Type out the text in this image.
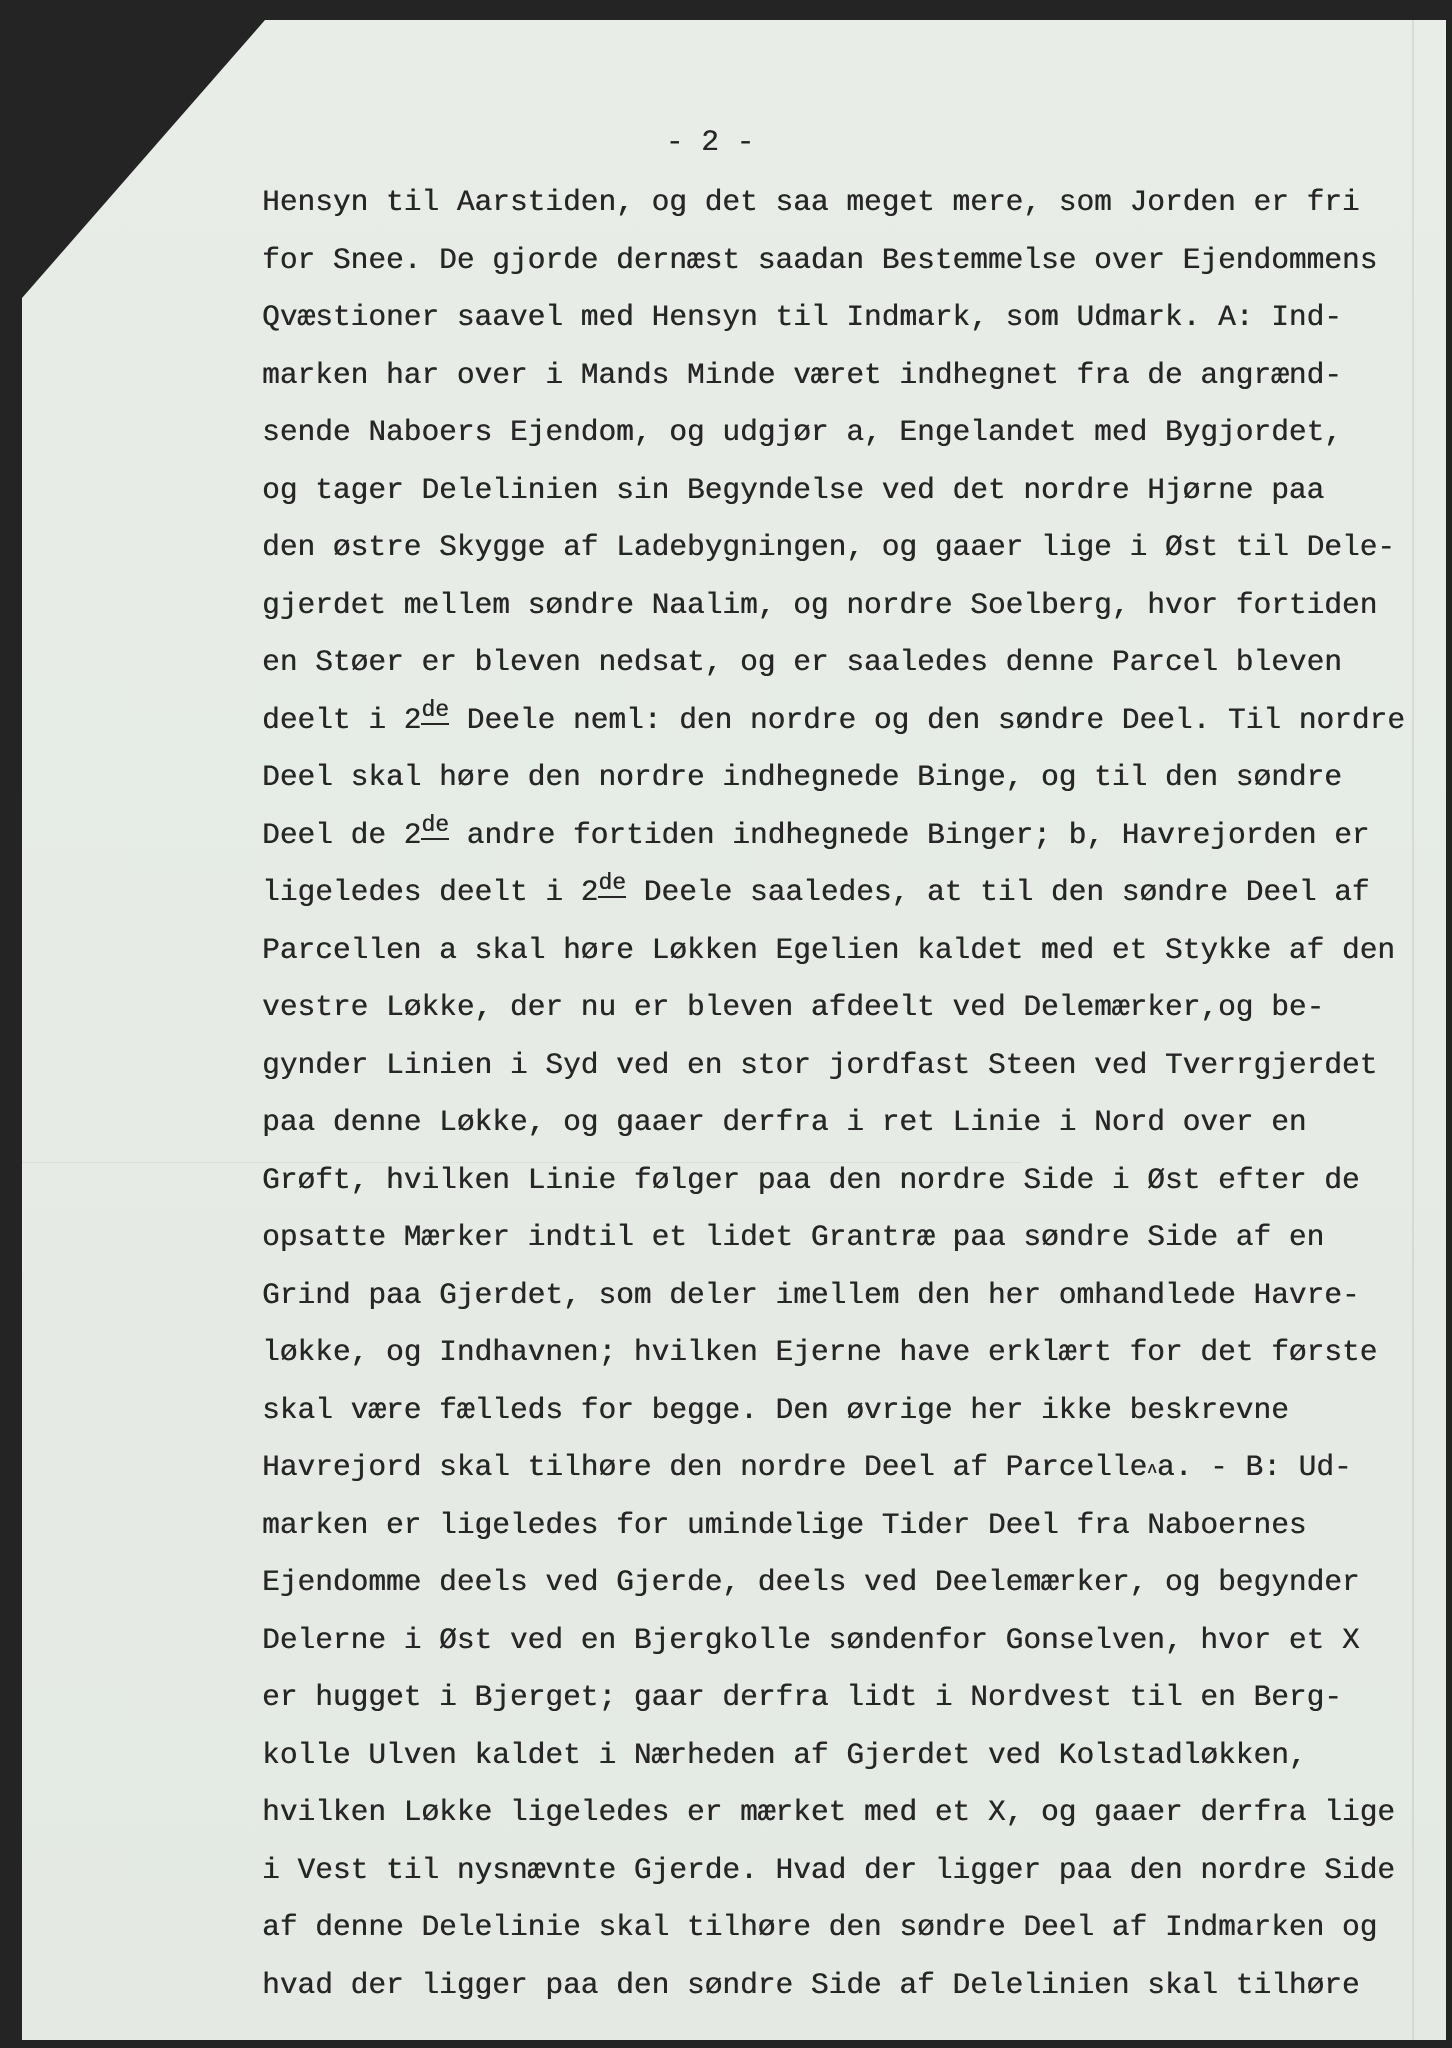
- 2 -
Hensyn til Aarstiden, og det saa meget mere, som Jorden er fri
for Snee. De gjorde dernæst saadan Bestemmelse over Ejendommens
Qvæstioner saavel med Hensyn til Indmark, som Udmark. A: Ind-
marken har over i Mands Minde været indhegnet fra de angrænd-
sende Naboers Ejendom, og udgjør a, Engelandet med Bygjordet,
og tager Delelinien sin Begyndelse ved det nordre Hjørne paa
den østre Skygge af Ladebygningen, og gaaer lige i Øst til Dele-
gjerdet mellem søndre Naalim, og nordre Soelberg, hvor fortiden
en Støer er bleven nedsat, og er saaledes denne Parcel bleven
deelt i 2de Deele neml: den nordre og den søndre Deel. Til nordre
Deel skal høre den nordre indhegnede Binge, og til den søndre
Deel de 2de andre fortiden indhegnede Binger; b, Havrejorden er
ligeledes deelt i 2de Deele saaledes, at til den søndre Deel af
Parcellen a skal høre Løkken Egelien kaldet med et Stykke af den
vestre Løkke, der nu er bleven afdeelt ved Delemærker,og be-
gynder Linien i Syd ved en stor jordfast Steen ved Tverrgjerdet
paa denne Løkke, og gaaer derfra i ret Linie i Nord over en
Grøft, hvilken Linie følger paa den nordre Side i Øst efter de
opsatte Mærker indtil et lidet Grantræ paa søndre Side af en
Grind paa Gjerdet, som deler imellem den her omhandlede Havre-
løkke, og Indhavnen; hvilken Ejerne have erklært for det første
skal være fælleds for begge. Den øvrige her ikke beskrevne
Havrejord skal tilhøre den nordre Deel af Parcelleʌa. - B: Ud-
marken er ligeledes for umindelige Tider Deel fra Naboernes
Ejendomme deels ved Gjerde, deels ved Deelemærker, og begynder
Delerne i Øst ved en Bjergkolle søndenfor Gonselven, hvor et X
er hugget i Bjerget; gaar derfra lidt i Nordvest til en Berg-
kolle Ulven kaldet i Nærheden af Gjerdet ved Kolstadløkken,
hvilken Løkke ligeledes er mærket med et X, og gaaer derfra lige
i Vest til nysnævnte Gjerde. Hvad der ligger paa den nordre Side
af denne Delelinie skal tilhøre den søndre Deel af Indmarken og
hvad der ligger paa den søndre Side af Delelinien skal tilhøre
